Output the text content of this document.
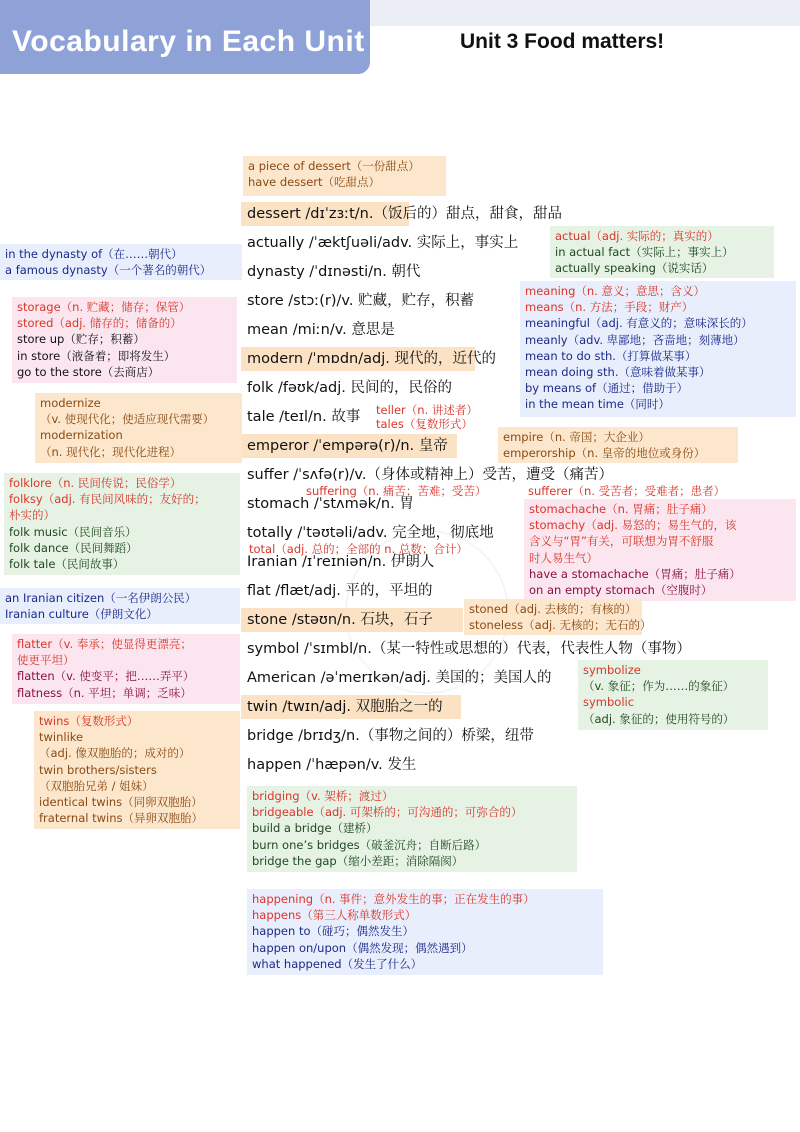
Vocabulary in Each Unit	Unit 3 Food matters!
dessert /dɪˈzɜːt/n.（饭后的）甜点，甜食，甜品
actually /ˈæktʃuəli/adv. 实际上，事实上
dynasty /ˈdɪnəsti/n. 朝代
store /stɔː(r)/v. 贮藏，贮存，积蓄
mean /miːn/v. 意思是
modern /ˈmɒdn/adj. 现代的，近代的
folk /fəʊk/adj. 民间的，民俗的
tale /teɪl/n. 故事
emperor /ˈempərə(r)/n. 皇帝
suffer /ˈsʌfə(r)/v.（身体或精神上）受苦，遭受（痛苦）
stomach /ˈstʌmək/n. 胃
totally /ˈtəʊtəli/adv. 完全地，彻底地
Iranian /ɪˈreɪniən/n. 伊朗人
flat /flæt/adj. 平的，平坦的
stone /stəʊn/n. 石块，石子
symbol /ˈsɪmbl/n.（某一特性或思想的）代表，代表性人物（事物）
American /əˈmerɪkən/adj. 美国的；美国人的
twin /twɪn/adj. 双胞胎之一的
bridge /brɪdʒ/n.（事物之间的）桥梁，纽带
happen /ˈhæpən/v. 发生
a piece of dessert（一份甜点）
have dessert（吃甜点）
actual（adj. 实际的；真实的）
in actual fact（实际上；事实上）
actually speaking（说实话）
in the dynasty of（在……朝代）
a famous dynasty（一个著名的朝代）
storage（n. 贮藏；储存；保管）
stored（adj. 储存的；储备的）
store up（贮存；积蓄）
in store（液备着；即将发生）
go to the store（去商店）
meaning（n. 意义；意思；含义）
means（n. 方法；手段；财产）
meaningful（adj. 有意义的；意味深长的）
meanly（adv. 卑鄙地；吝啬地；刻薄地）
mean to do sth.（打算做某事）
mean doing sth.（意味着做某事）
by means of（通过；借助于）
in the mean time（同时）
modernize
（v. 使现代化；使适应现代需要）
modernization
（n. 现代化；现代化进程）
teller（n. 讲述者）
tales（复数形式）
empire（n. 帝国；大企业）
emperorship（n. 皇帝的地位或身份）
folklore（n. 民间传说；民俗学）
folksy（adj. 有民间风味的；友好的；
朴实的）
folk music（民间音乐）
folk dance（民间舞蹈）
folk tale（民间故事）
suffering（n. 痛苦；苦难；受苦）	sufferer（n. 受苦者；受难者；患者）
stomachache（n. 胃痛；肚子痛）
stomachy（adj. 易怒的；易生气的，该
含义与“胃”有关，可联想为胃不舒服
时人易生气）
have a stomachache（胃痛；肚子痛）
on an empty stomach（空腹时）
total（adj. 总的；全部的 n. 总数；合计）
an Iranian citizen（一名伊朗公民）
Iranian culture（伊朗文化）	stoned（adj. 去核的；有核的）
stoneless（adj. 无核的；无石的）
flatter（v. 奉承；使显得更漂亮；
使更平坦）
flatten（v. 使变平；把……弄平）
flatness（n. 平坦；单调；乏味）
symbolize
（v. 象征；作为……的象征）
symbolic
（adj. 象征的；使用符号的）
twins（复数形式）
twinlike
（adj. 像双胞胎的；成对的）
twin brothers/sisters
（双胞胎兄弟 / 姐妹）
identical twins（同卵双胞胎）
fraternal twins（异卵双胞胎）
bridging（v. 架桥；渡过）
bridgeable（adj. 可架桥的；可沟通的；可弥合的）
build a bridge（建桥）
burn one’s bridges（破釜沉舟；自断后路）
bridge the gap（缩小差距；消除隔阂）
happening（n. 事件；意外发生的事；正在发生的事）
happens（第三人称单数形式）
happen to（碰巧；偶然发生）
happen on/upon（偶然发现；偶然遇到）
what happened（发生了什么）
